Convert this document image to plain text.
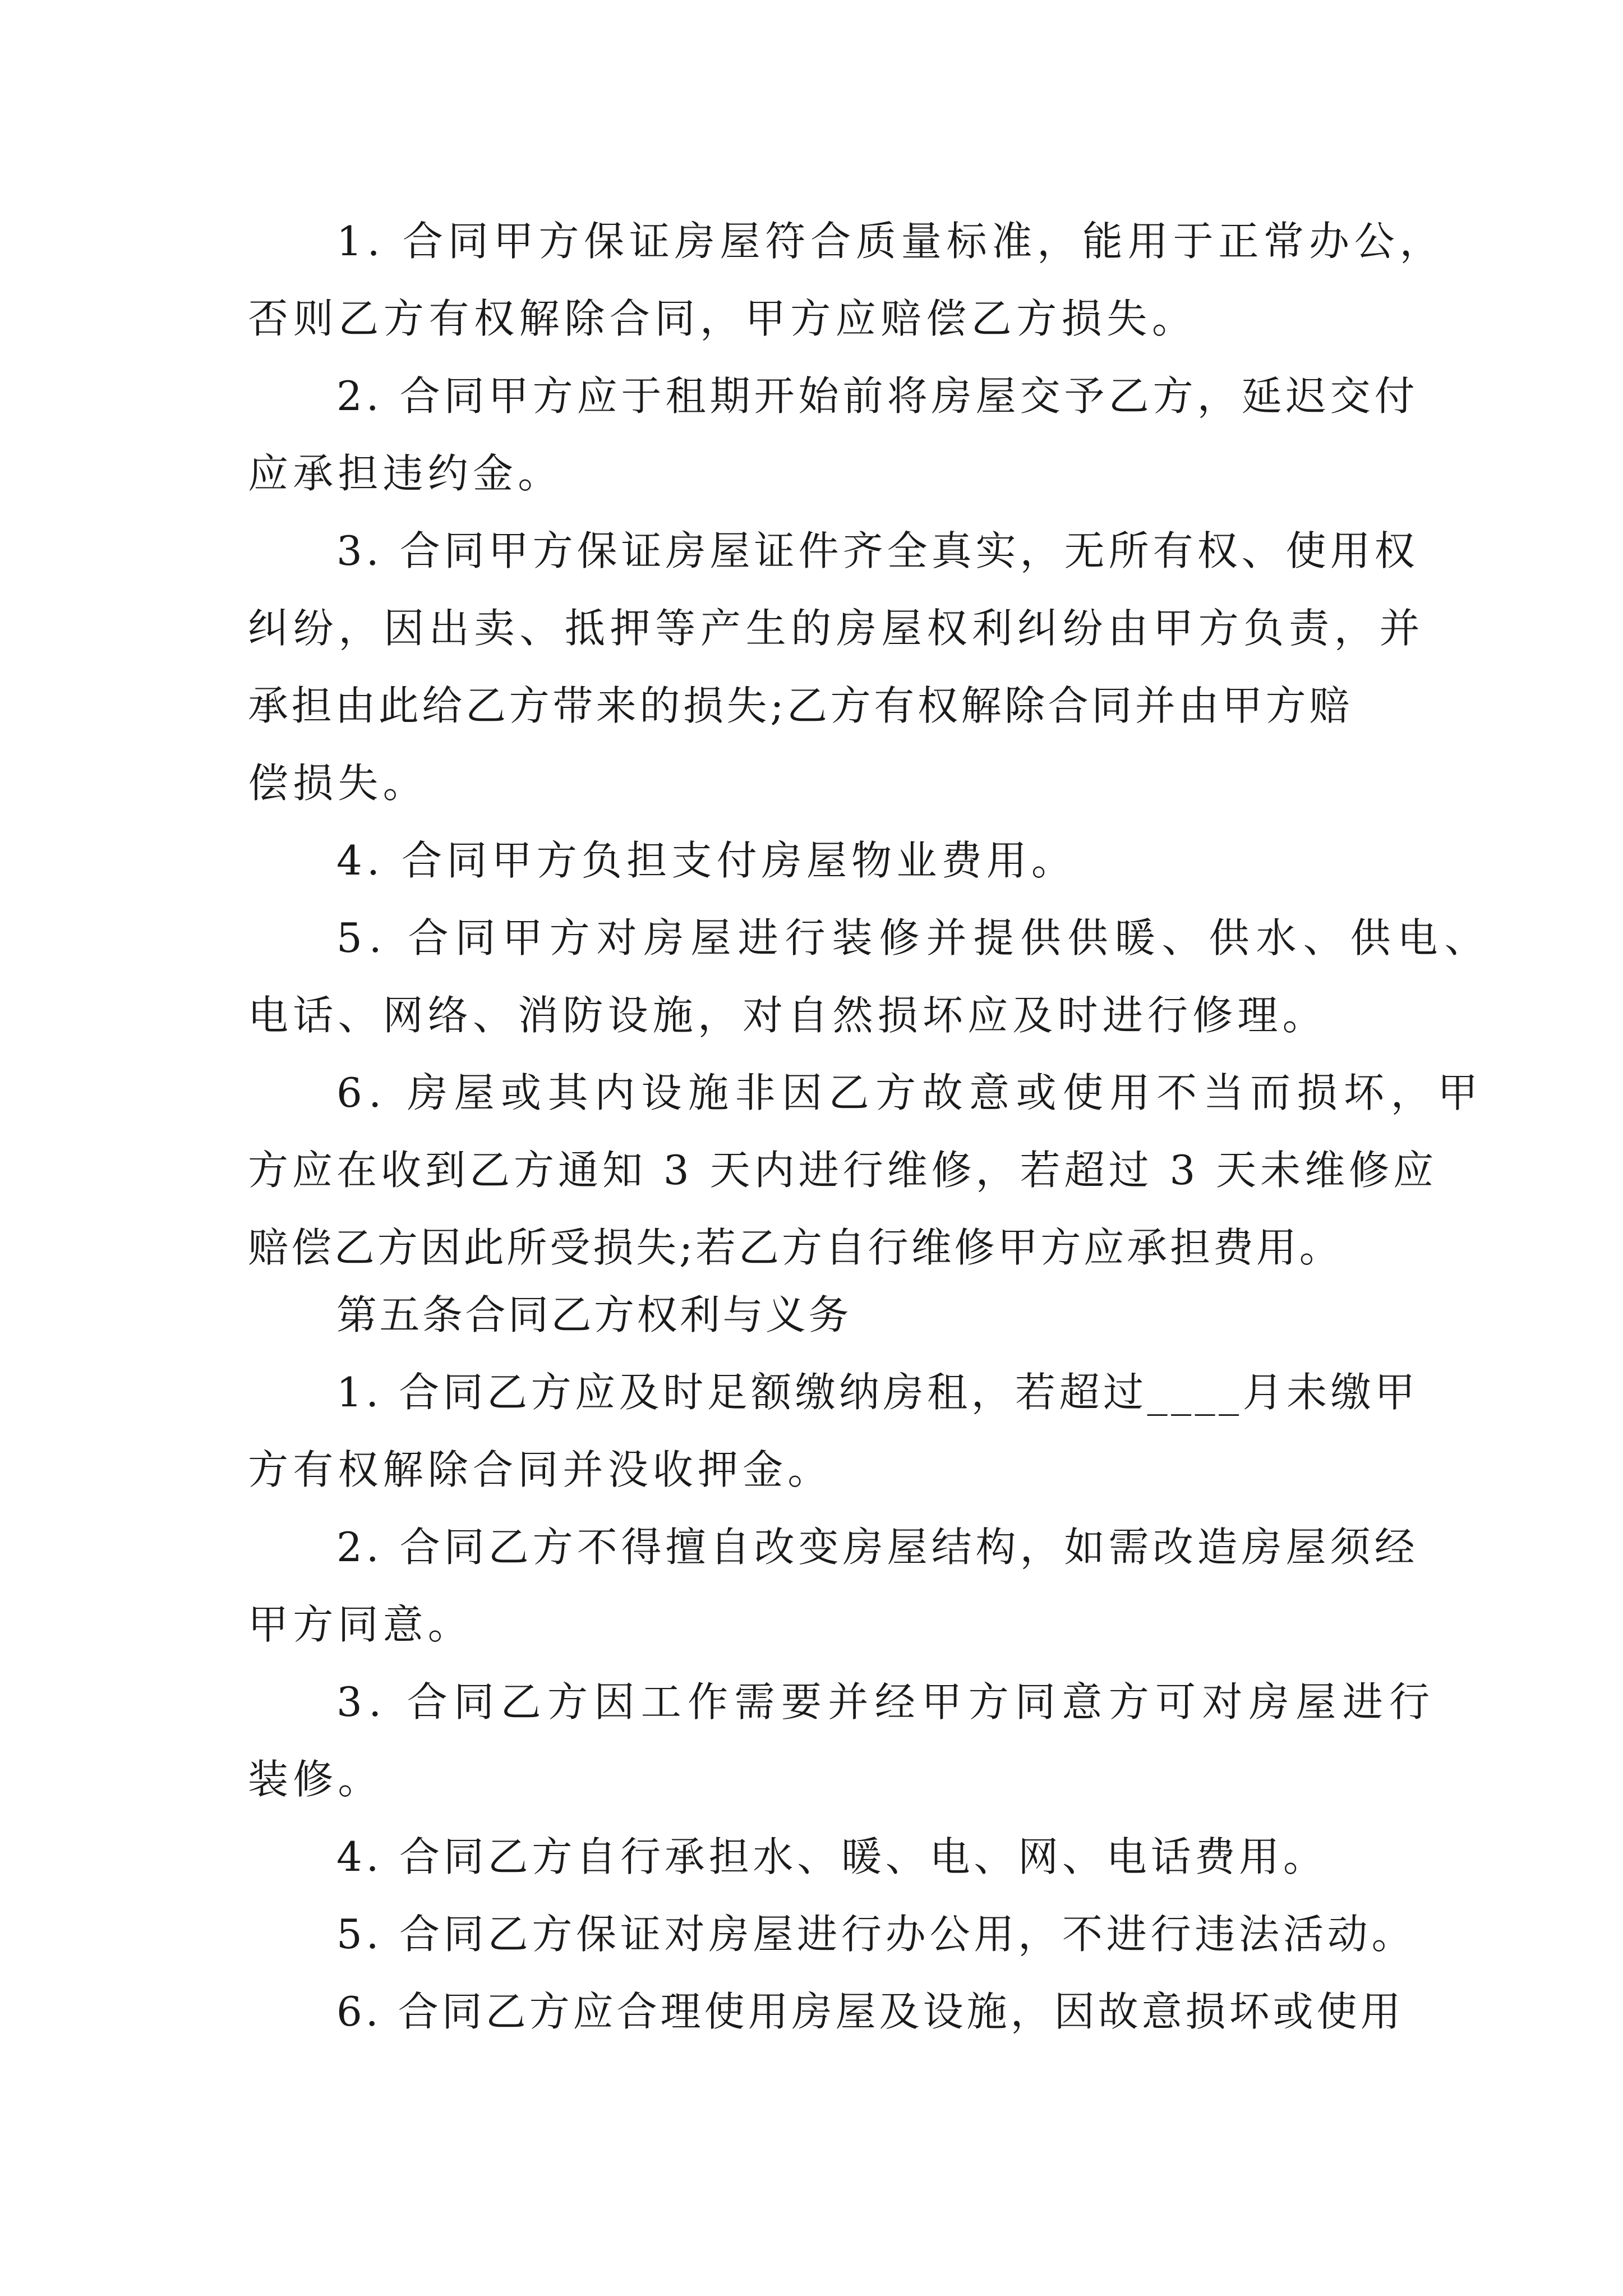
1. 合同甲方保证房屋符合质量标准，能用于正常办公，

否则乙方有权解除合同，甲方应赔偿乙方损失。

2. 合同甲方应于租期开始前将房屋交予乙方，延迟交付

应承担违约金。

3. 合同甲方保证房屋证件齐全真实，无所有权、使用权

纠纷，因出卖、抵押等产生的房屋权利纠纷由甲方负责，并

承担由此给乙方带来的损失;乙方有权解除合同并由甲方赔

偿损失。

4. 合同甲方负担支付房屋物业费用。

5. 合同甲方对房屋进行装修并提供供暖、供水、供电、

电话、网络、消防设施，对自然损坏应及时进行修理。

6. 房屋或其内设施非因乙方故意或使用不当而损坏，甲

方应在收到乙方通知 3 天内进行维修，若超过 3 天未维修应

赔偿乙方因此所受损失;若乙方自行维修甲方应承担费用。

第五条合同乙方权利与义务

1. 合同乙方应及时足额缴纳房租，若超过____月未缴甲

方有权解除合同并没收押金。

2. 合同乙方不得擅自改变房屋结构，如需改造房屋须经

甲方同意。

3. 合同乙方因工作需要并经甲方同意方可对房屋进行

装修。

4. 合同乙方自行承担水、暖、电、网、电话费用。

5. 合同乙方保证对房屋进行办公用，不进行违法活动。

6. 合同乙方应合理使用房屋及设施，因故意损坏或使用
